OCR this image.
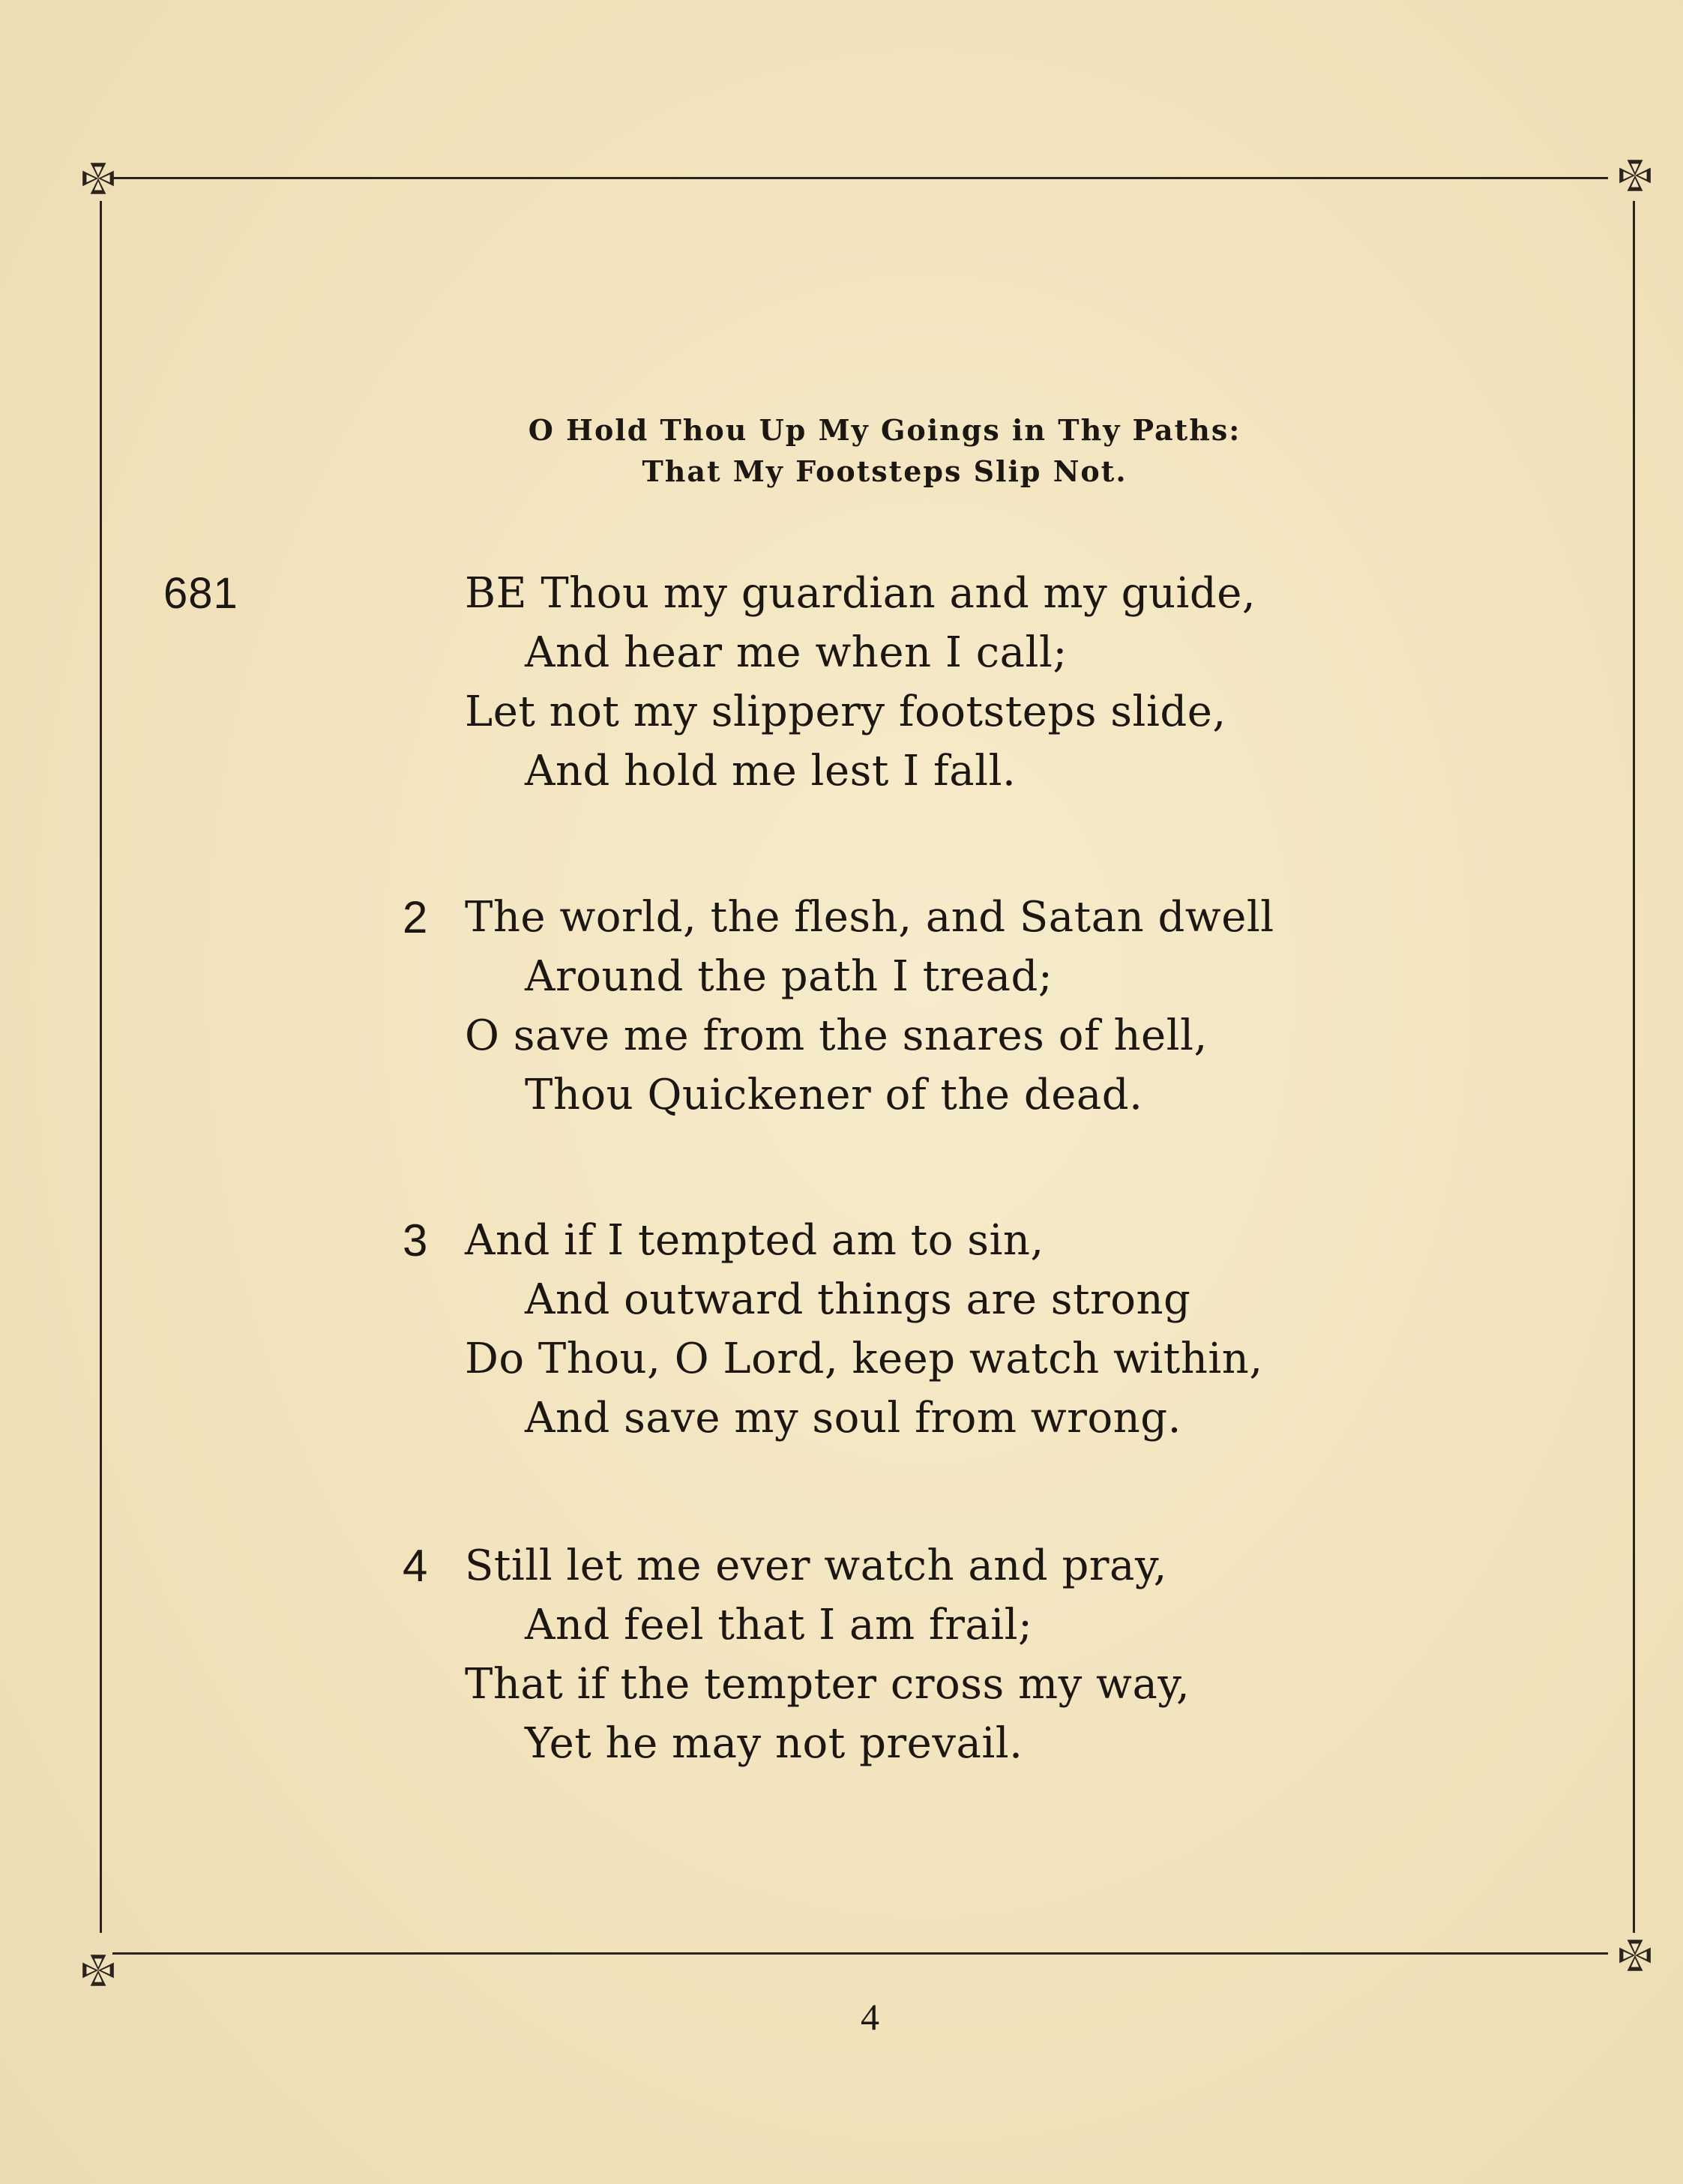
O Hold Thou Up My Goings in Thy Paths:
That My Footsteps Slip Not.
681	BE Thou my guardian and my guide,
And hear me when I call;
Let not my slippery footsteps slide,
And hold me lest I fall.
2 The world, the flesh, and Satan dwell
Around the path I tread;
O save me from the snares of hell,
Thou Quickener of the dead.
3 And if I tempted am to sin,
And outward things are strong
Do Thou, O Lord, keep watch within,
And save my soul from wrong.
4 Still let me ever watch and pray,
And feel that I am frail;
That if the tempter cross my way,
Yet he may not prevail.
4
